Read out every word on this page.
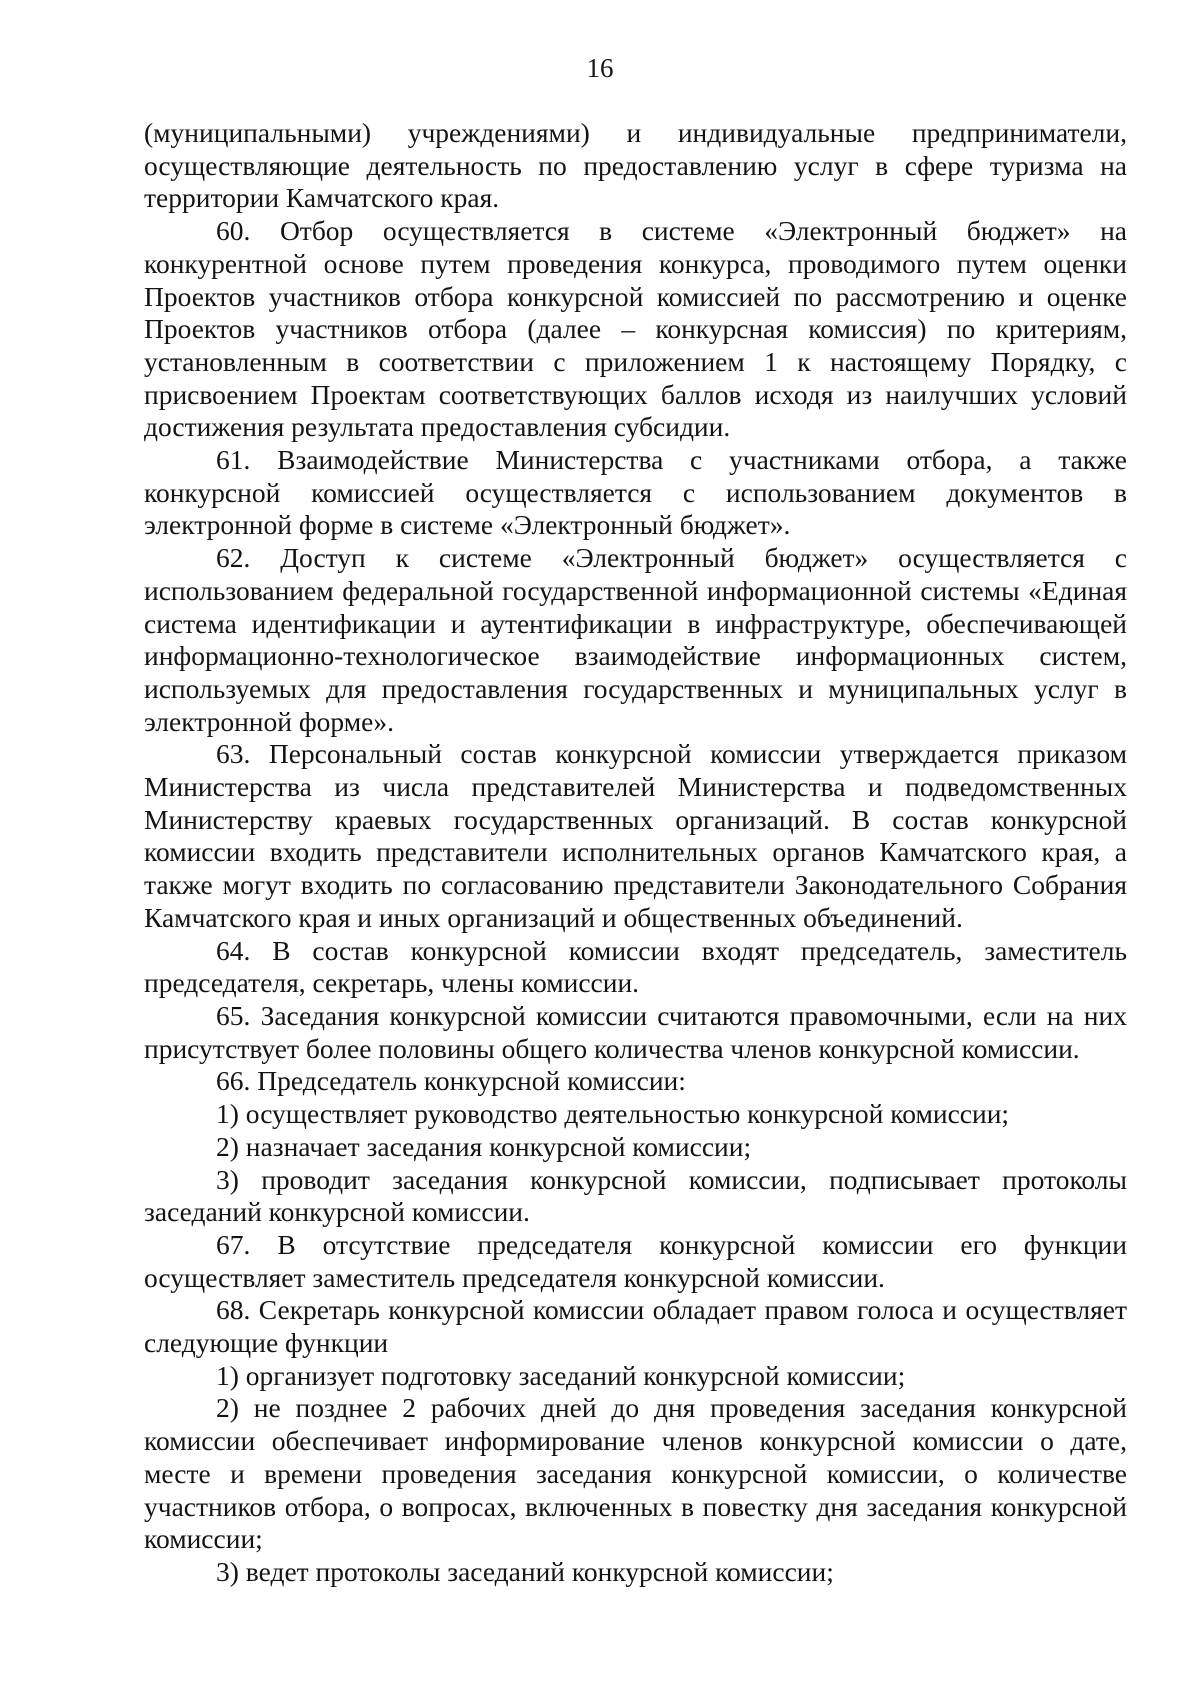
16

(муниципальными) учреждениями) и индивидуальные предприниматели, осуществляющие деятельность по предоставлению услуг в сфере туризма на территории Камчатского края.

60. Отбор осуществляется в системе «Электронный бюджет» на конкурентной основе путем проведения конкурса, проводимого путем оценки Проектов участников отбора конкурсной комиссией по рассмотрению и оценке Проектов участников отбора (далее – конкурсная комиссия) по критериям, установленным в соответствии с приложением 1 к настоящему Порядку, с присвоением Проектам соответствующих баллов исходя из наилучших условий достижения результата предоставления субсидии.

61. Взаимодействие Министерства с участниками отбора, а также конкурсной комиссией осуществляется с использованием документов в электронной форме в системе «Электронный бюджет».

62. Доступ к системе «Электронный бюджет» осуществляется с использованием федеральной государственной информационной системы «Единая система идентификации и аутентификации в инфраструктуре, обеспечивающей информационно-технологическое взаимодействие информационных систем, используемых для предоставления государственных и муниципальных услуг в электронной форме».

63. Персональный состав конкурсной комиссии утверждается приказом Министерства из числа представителей Министерства и подведомственных Министерству краевых государственных организаций. В состав конкурсной комиссии входить представители исполнительных органов Камчатского края, а также могут входить по согласованию представители Законодательного Собрания Камчатского края и иных организаций и общественных объединений.

64. В состав конкурсной комиссии входят председатель, заместитель председателя, секретарь, члены комиссии.

65. Заседания конкурсной комиссии считаются правомочными, если на них присутствует более половины общего количества членов конкурсной комиссии.

66. Председатель конкурсной комиссии:

1) осуществляет руководство деятельностью конкурсной комиссии;

2) назначает заседания конкурсной комиссии;

3) проводит заседания конкурсной комиссии, подписывает протоколы заседаний конкурсной комиссии.

67. В отсутствие председателя конкурсной комиссии его функции осуществляет заместитель председателя конкурсной комиссии.

68. Секретарь конкурсной комиссии обладает правом голоса и осуществляет следующие функции

1) организует подготовку заседаний конкурсной комиссии;

2) не позднее 2 рабочих дней до дня проведения заседания конкурсной комиссии обеспечивает информирование членов конкурсной комиссии о дате, месте и времени проведения заседания конкурсной комиссии, о количестве участников отбора, о вопросах, включенных в повестку дня заседания конкурсной комиссии;

3) ведет протоколы заседаний конкурсной комиссии;
